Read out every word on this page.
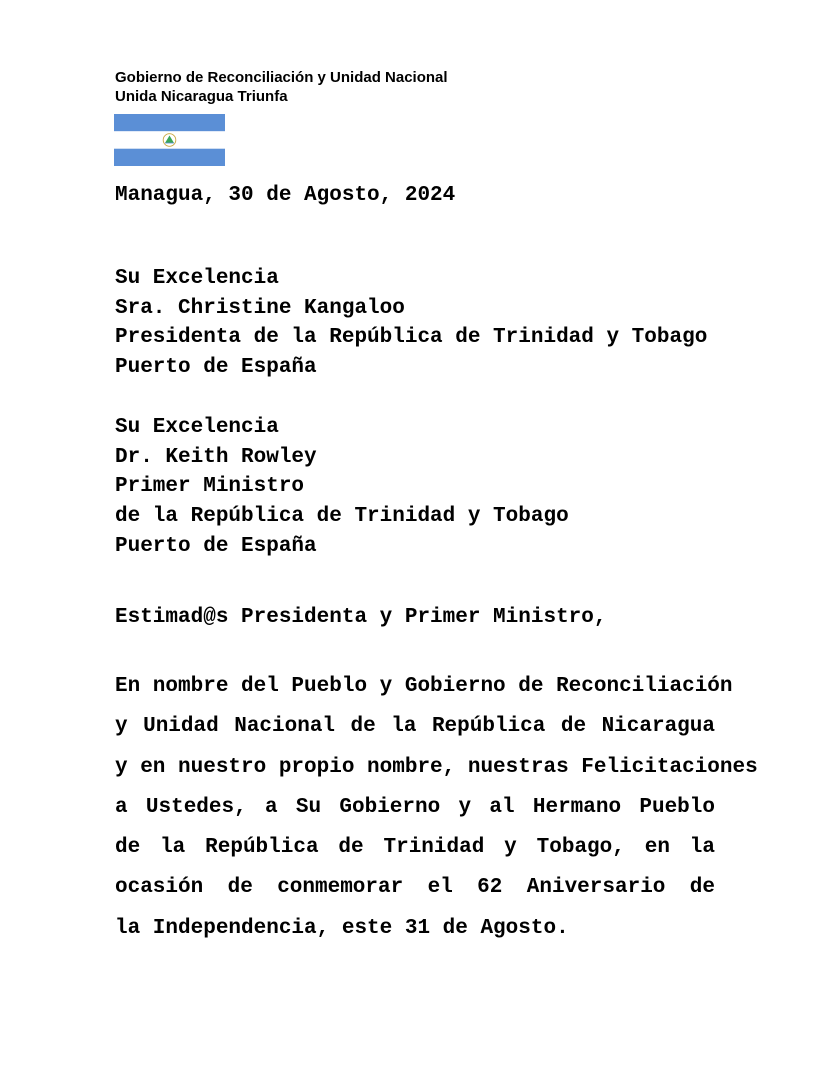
Gobierno de Reconciliación y Unidad Nacional
Unida Nicaragua Triunfa
Managua, 30 de Agosto, 2024
Su Excelencia
Sra. Christine Kangaloo
Presidenta de la República de Trinidad y Tobago
Puerto de España
Su Excelencia
Dr. Keith Rowley
Primer Ministro
de la República de Trinidad y Tobago
Puerto de España
Estimad@s Presidenta y Primer Ministro,
En nombre del Pueblo y Gobierno de Reconciliación
y Unidad Nacional de la República de Nicaragua
y en nuestro propio nombre, nuestras Felicitaciones
a Ustedes, a Su Gobierno y al Hermano Pueblo
de la República de Trinidad y Tobago, en la
ocasión de conmemorar el 62 Aniversario de
la Independencia, este 31 de Agosto.
